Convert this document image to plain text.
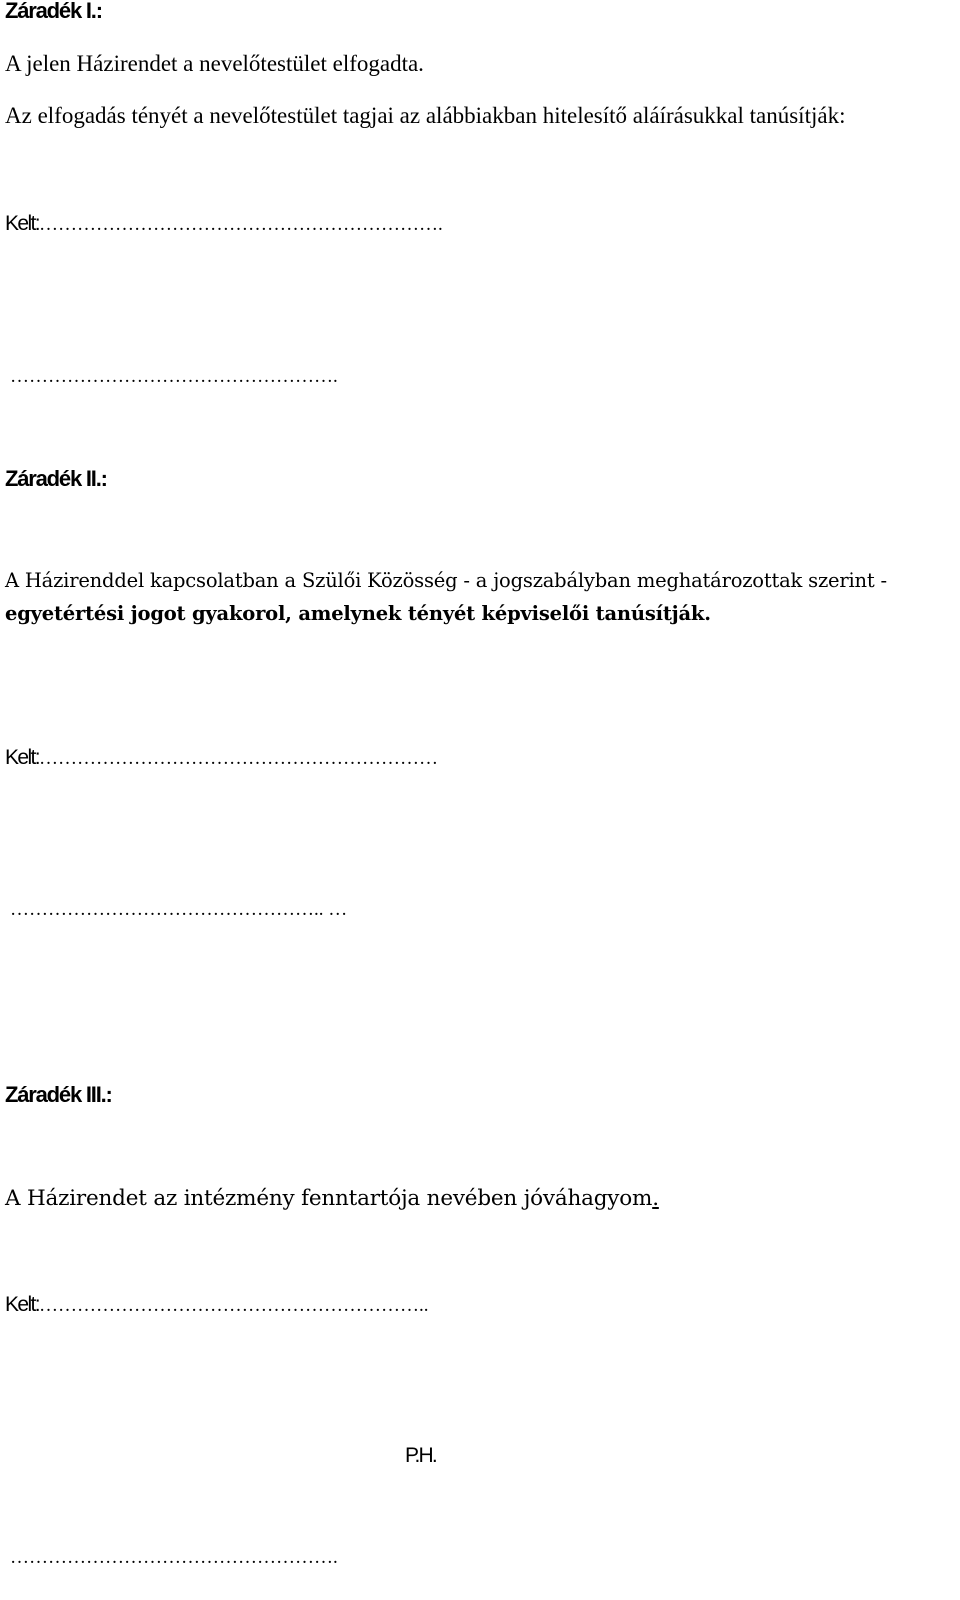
Záradék I.:
A jelen Házirendet a nevelőtestület elfogadta.
Az elfogadás tényét a nevelőtestület tagjai az alábbiakban hitelesítő aláírásukkal tanúsítják:
Kelt:……………………………………………………….
…………………………………………….
Záradék II.:
A Házirenddel kapcsolatban a Szülői Közösség - a jogszabályban meghatározottak szerint -
egyetértési jogot gyakorol, amelynek tényét képviselői tanúsítják.
Kelt:………………………………………………………
………………………………………….. …
Záradék III.:
A Házirendet az intézmény fenntartója nevében jóváhagyom.
Kelt:……………………………………………………..
P.H.
…………………………………………….
